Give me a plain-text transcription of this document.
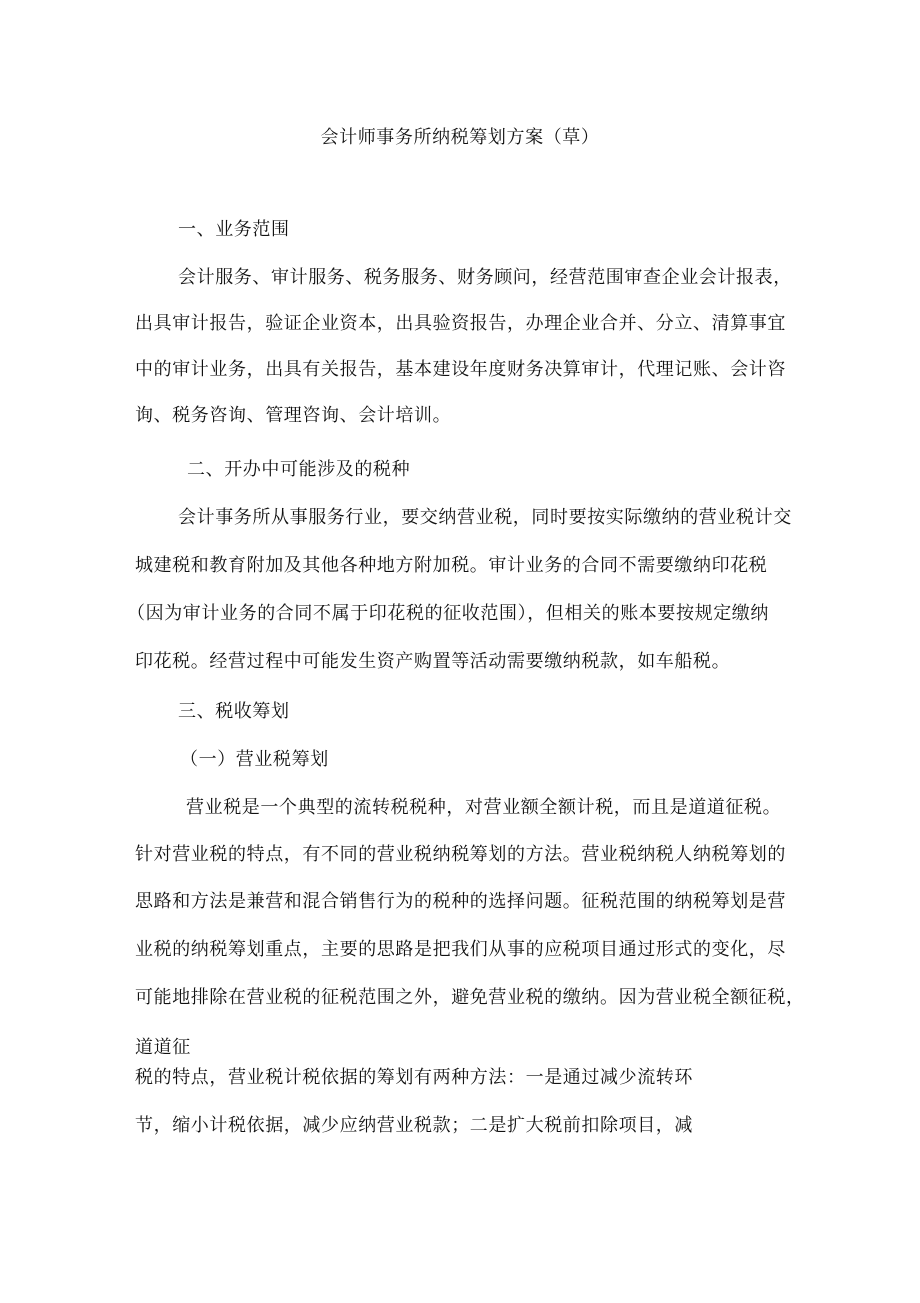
会计师事务所纳税筹划方案（草）
一、业务范围
会计服务、审计服务、税务服务、财务顾问，经营范围审查企业会计报表，
出具审计报告，验证企业资本，出具验资报告，办理企业合并、分立、清算事宜
中的审计业务，出具有关报告，基本建设年度财务决算审计，代理记账、会计咨
询、税务咨询、管理咨询、会计培训。
二、开办中可能涉及的税种
会计事务所从事服务行业，要交纳营业税，同时要按实际缴纳的营业税计交
城建税和教育附加及其他各种地方附加税。审计业务的合同不需要缴纳印花税
（因为审计业务的合同不属于印花税的征收范围），但相关的账本要按规定缴纳
印花税。经营过程中可能发生资产购置等活动需要缴纳税款，如车船税。
三、税收筹划
（一）营业税筹划
营业税是一个典型的流转税税种，对营业额全额计税，而且是道道征税。
针对营业税的特点，有不同的营业税纳税筹划的方法。营业税纳税人纳税筹划的
思路和方法是兼营和混合销售行为的税种的选择问题。征税范围的纳税筹划是营
业税的纳税筹划重点，主要的思路是把我们从事的应税项目通过形式的变化，尽
可能地排除在营业税的征税范围之外，避免营业税的缴纳。因为营业税全额征税，
道道征
税的特点，营业税计税依据的筹划有两种方法：一是通过减少流转环
节，缩小计税依据，减少应纳营业税款；二是扩大税前扣除项目，减
